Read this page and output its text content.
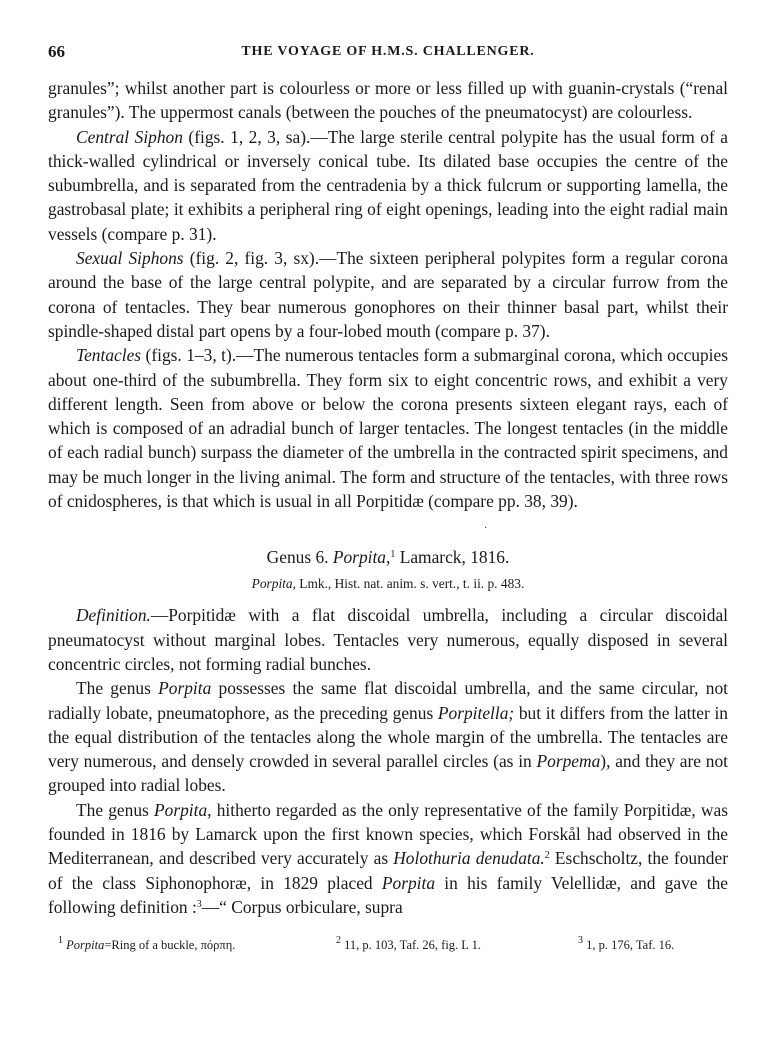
66	THE VOYAGE OF H.M.S. CHALLENGER.

granules”; whilst another part is colourless or more or less filled up with guanin-crystals (“renal granules”). The uppermost canals (between the pouches of the pneumatocyst) are colourless.

Central Siphon (figs. 1, 2, 3, sa).—The large sterile central polypite has the usual form of a thick-walled cylindrical or inversely conical tube. Its dilated base occupies the centre of the subumbrella, and is separated from the centradenia by a thick fulcrum or supporting lamella, the gastrobasal plate; it exhibits a peripheral ring of eight openings, leading into the eight radial main vessels (compare p. 31).

Sexual Siphons (fig. 2, fig. 3, sx).—The sixteen peripheral polypites form a regular corona around the base of the large central polypite, and are separated by a circular furrow from the corona of tentacles. They bear numerous gonophores on their thinner basal part, whilst their spindle-shaped distal part opens by a four-lobed mouth (compare p. 37).

Tentacles (figs. 1–3, t).—The numerous tentacles form a submarginal corona, which occupies about one-third of the subumbrella. They form six to eight concentric rows, and exhibit a very different length. Seen from above or below the corona presents sixteen elegant rays, each of which is composed of an adradial bunch of larger tentacles. The longest tentacles (in the middle of each radial bunch) surpass the diameter of the umbrella in the contracted spirit specimens, and may be much longer in the living animal. The form and structure of the tentacles, with three rows of cnidospheres, is that which is usual in all Porpitidæ (compare pp. 38, 39).

·
Genus 6. Porpita,$^1$ Lamarck, 1816.
Porpita, Lmk., Hist. nat. anim. s. vert., t. ii. p. 483.

Definition.—Porpitidæ with a flat discoidal umbrella, including a circular discoidal pneumatocyst without marginal lobes. Tentacles very numerous, equally disposed in several concentric circles, not forming radial bunches.

The genus Porpita possesses the same flat discoidal umbrella, and the same circular, not radially lobate, pneumatophore, as the preceding genus Porpitella; but it differs from the latter in the equal distribution of the tentacles along the whole margin of the umbrella. The tentacles are very numerous, and densely crowded in several parallel circles (as in Porpema), and they are not grouped into radial lobes.

The genus Porpita, hitherto regarded as the only representative of the family Porpitidæ, was founded in 1816 by Lamarck upon the first known species, which Forskål had observed in the Mediterranean, and described very accurately as Holothuria denudata.$^2$ Eschscholtz, the founder of the class Siphonophoræ, in 1829 placed Porpita in his family Velellidæ, and gave the following definition :$^3$—“ Corpus orbiculare, supra

$^1$ Porpita=Ring of a buckle, πόρπη.	$^2$ 11, p. 103, Taf. 26, fig. L 1.	$^3$ 1, p. 176, Taf. 16.
